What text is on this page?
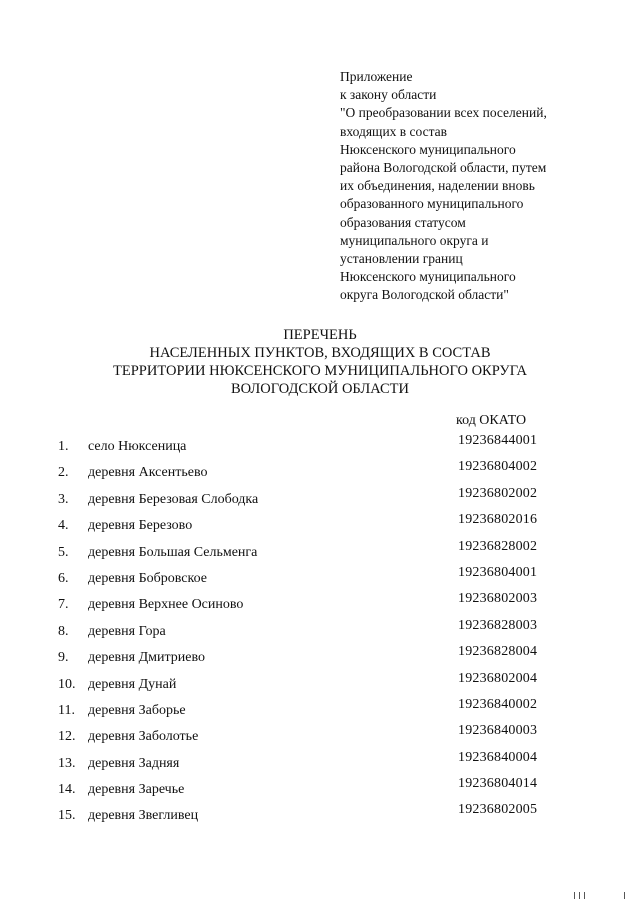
Приложение
к закону области
"О преобразовании всех поселений,
входящих в состав
Нюксенского муниципального
района Вологодской области, путем
их объединения, наделении вновь
образованного муниципального
образования статусом
муниципального округа и
установлении границ
Нюксенского муниципального
округа Вологодской области"
ПЕРЕЧЕНЬ
НАСЕЛЕННЫХ ПУНКТОВ, ВХОДЯЩИХ В СОСТАВ
ТЕРРИТОРИИ НЮКСЕНСКОГО МУНИЦИПАЛЬНОГО ОКРУГА
ВОЛОГОДСКОЙ ОБЛАСТИ
код ОКАТО
1.	село Нюксеница	19236844001
2.	деревня Аксентьево	19236804002
3.	деревня Березовая Слободка	19236802002
4.	деревня Березово	19236802016
5.	деревня Большая Сельменга	19236828002
6.	деревня Бобровское	19236804001
7.	деревня Верхнее Осиново	19236802003
8.	деревня Гора	19236828003
9.	деревня Дмитриево	19236828004
10. деревня Дунай	19236802004
11. деревня Заборье	19236840002
12. деревня Заболотье	19236840003
13. деревня Задняя	19236840004
14. деревня Заречье	19236804014
15. деревня Звегливец	19236802005
